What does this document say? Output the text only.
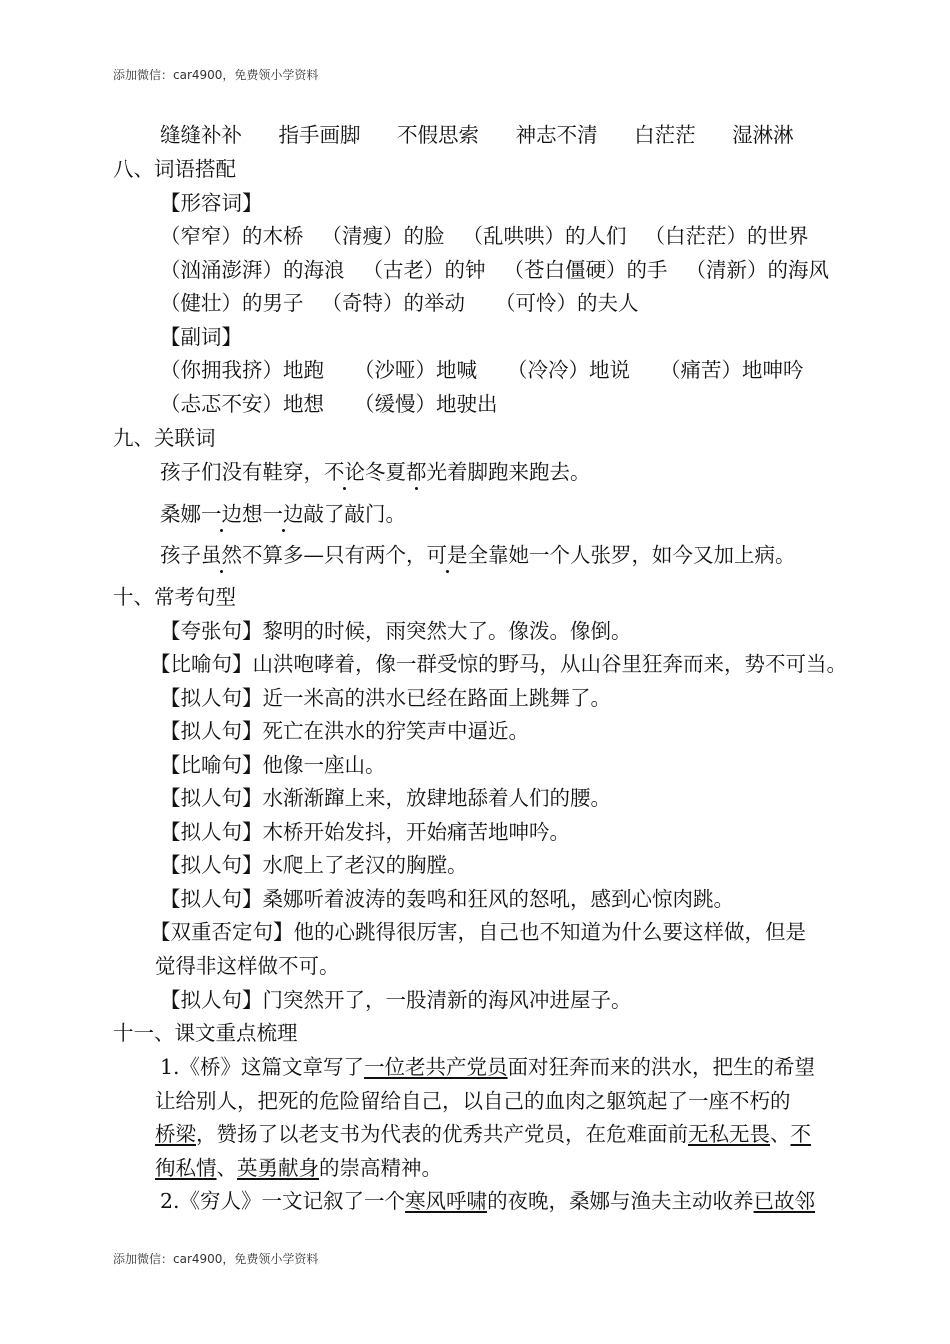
添加微信：car4900，免费领小学资料
缝缝补补 指手画脚 不假思索 神志不清 白茫茫 湿淋淋
八、词语搭配
【形容词】
（窄窄）的木桥 （清瘦）的脸 （乱哄哄）的人们 （白茫茫）的世界
（汹涌澎湃）的海浪 （古老）的钟 （苍白僵硬）的手 （清新）的海风
（健壮）的男子 （奇特）的举动 （可怜）的夫人
【副词】
（你拥我挤）地跑 （沙哑）地喊 （冷冷）地说 （痛苦）地呻吟
（忐忑不安）地想 （缓慢）地驶出
九、关联词
孩子们没有鞋穿，不论冬夏都光着脚跑来跑去。
桑娜一边想一边敲了敲门。
孩子虽然不算多—只有两个，可是全靠她一个人张罗，如今又加上病。
十、常考句型
【夸张句】黎明的时候，雨突然大了。像泼。像倒。
【比喻句】山洪咆哮着，像一群受惊的野马，从山谷里狂奔而来，势不可当。
【拟人句】近一米高的洪水已经在路面上跳舞了。
【拟人句】死亡在洪水的狞笑声中逼近。
【比喻句】他像一座山。
【拟人句】水渐渐蹿上来，放肆地舔着人们的腰。
【拟人句】木桥开始发抖，开始痛苦地呻吟。
【拟人句】水爬上了老汉的胸膛。
【拟人句】桑娜听着波涛的轰鸣和狂风的怒吼，感到心惊肉跳。
【双重否定句】他的心跳得很厉害，自己也不知道为什么要这样做，但是
觉得非这样做不可。
【拟人句】门突然开了，一股清新的海风冲进屋子。
十一、课文重点梳理
1.《桥》这篇文章写了一位老共产党员面对狂奔而来的洪水，把生的希望
让给别人，把死的危险留给自己，以自己的血肉之躯筑起了一座不朽的
桥梁，赞扬了以老支书为代表的优秀共产党员，在危难面前无私无畏、不
徇私情、英勇献身的崇高精神。
2.《穷人》一文记叙了一个寒风呼啸的夜晚，桑娜与渔夫主动收养已故邻
添加微信：car4900，免费领小学资料
